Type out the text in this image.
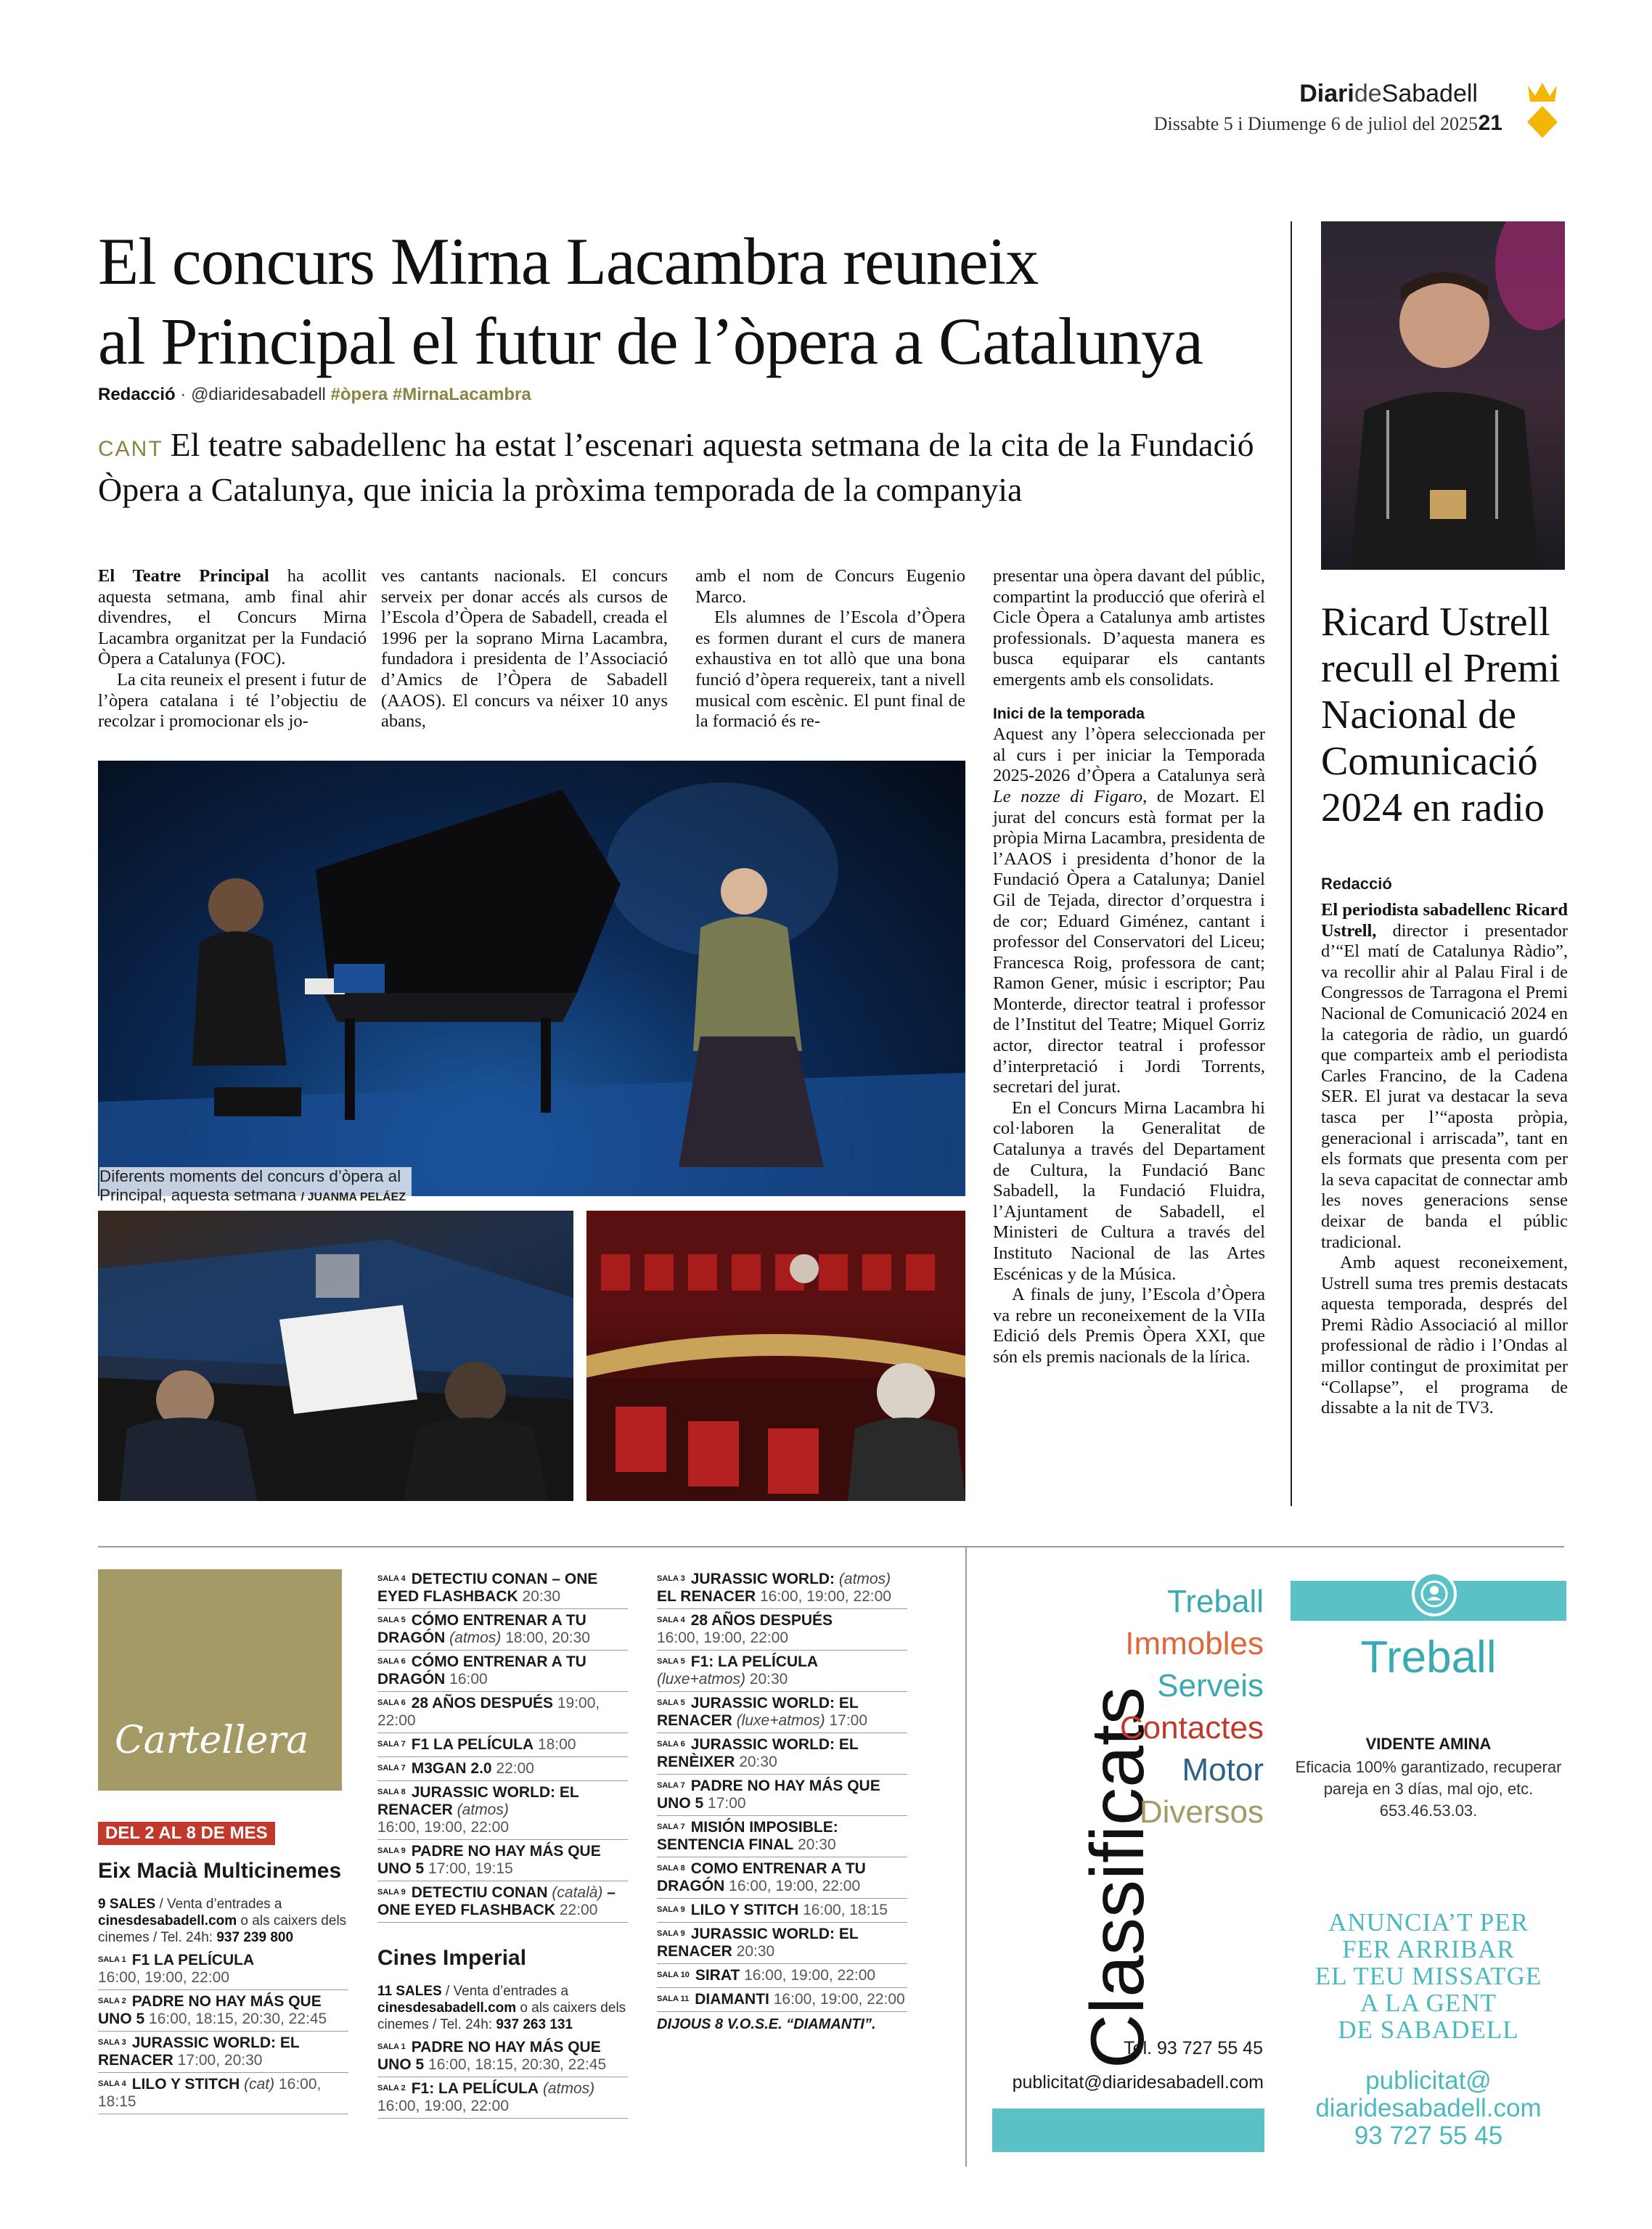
DiarideSabadell
Dissabte 5 i Diumenge 6 de juliol del 2025 21
El concurs Mirna Lacambra reuneix
al Principal el futur de l’òpera a Catalunya
Redacció · @diaridesabadell #òpera #MirnaLacambra
CANT El teatre sabadellenc ha estat l’escenari aquesta setmana de la cita de la Fundació Òpera a Catalunya, que inicia la pròxima temporada de la companyia

El Teatre Principal ha acollit aquesta setmana, amb final ahir divendres, el Concurs Mirna Lacambra organitzat per la Fundació Òpera a Catalunya (FOC).

La cita reuneix el present i futur de l’òpera catalana i té l’objectiu de recolzar i promocionar els jo-

ves cantants nacionals. El concurs serveix per donar accés als cursos de l’Escola d’Òpera de Sabadell, creada el 1996 per la soprano Mirna Lacambra, fundadora i presidenta de l’Associació d’Amics de l’Òpera de Sabadell (AAOS). El concurs va néixer 10 anys abans,

amb el nom de Concurs Eugenio Marco.

Els alumnes de l’Escola d’Òpera es formen durant el curs de manera exhaustiva en tot allò que una bona funció d’òpera requereix, tant a nivell musical com escènic. El punt final de la formació és re-

presentar una òpera davant del públic, compartint la producció que oferirà el Cicle Òpera a Catalunya amb artistes professionals. D’aquesta manera es busca equiparar els cantants emergents amb els consolidats.

Inici de la temporada

Aquest any l’òpera seleccionada per al curs i per iniciar la Temporada 2025-2026 d’Òpera a Catalunya serà Le nozze di Figaro, de Mozart. El jurat del concurs està format per la pròpia Mirna Lacambra, presidenta de l’AAOS i presidenta d’honor de la Fundació Òpera a Catalunya; Daniel Gil de Tejada, director d’orquestra i de cor; Eduard Giménez, cantant i professor del Conservatori del Liceu; Francesca Roig, professora de cant; Ramon Gener, músic i escriptor; Pau Monterde, director teatral i professor de l’Institut del Teatre; Miquel Gorriz actor, director teatral i professor d’interpretació i Jordi Torrents, secretari del jurat.

En el Concurs Mirna Lacambra hi col·laboren la Generalitat de Catalunya a través del Departament de Cultura, la Fundació Banc Sabadell, la Fundació Fluidra, l’Ajuntament de Sabadell, el Ministeri de Cultura a través del Instituto Nacional de las Artes Escénicas y de la Música.

A finals de juny, l’Escola d’Òpera va rebre un reconeixement de la VIIa Edició dels Premis Òpera XXI, que són els premis nacionals de la lírica.

Diferents moments del concurs d’òpera al Principal, aquesta setmana / JUANMA PELÁEZ
Ricard Ustrell recull el Premi Nacional de Comunicació 2024 en radio
Redacció

El periodista sabadellenc Ricard Ustrell, director i presentador d’“El matí de Catalunya Ràdio”, va recollir ahir al Palau Firal i de Congressos de Tarragona el Premi Nacional de Comunicació 2024 en la categoria de ràdio, un guardó que comparteix amb el periodista Carles Francino, de la Cadena SER. El jurat va destacar la seva tasca per l’“aposta pròpia, generacional i arriscada”, tant en els formats que presenta com per la seva capacitat de connectar amb les noves generacions sense deixar de banda el públic tradicional.

Amb aquest reconeixement, Ustrell suma tres premis destacats aquesta temporada, després del Premi Ràdio Associació al millor professional de ràdio i l’Ondas al millor contingut de proximitat per “Collapse”, el programa de dissabte a la nit de TV3.

Cartellera
DEL 2 AL 8 DE MES
Eix Macià Multicinemes
9 SALES / Venta d’entrades a cinesdesabadell.com o als caixers dels cinemes / Tel. 24h: 937 239 800
SALA 1 F1 LA PELÍCULA
16:00, 19:00, 22:00
SALA 2 PADRE NO HAY MÁS QUE UNO 5 16:00, 18:15, 20:30, 22:45
SALA 3 JURASSIC WORLD: EL RENACER 17:00, 20:30
SALA 4 LILO Y STITCH (cat) 16:00, 18:15
SALA 4 DETECTIU CONAN – ONE EYED FLASHBACK 20:30
SALA 5 CÓMO ENTRENAR A TU DRAGÓN (atmos) 18:00, 20:30
SALA 6 CÓMO ENTRENAR A TU DRAGÓN 16:00
SALA 6 28 AÑOS DESPUÉS 19:00, 22:00
SALA 7 F1 LA PELÍCULA 18:00
SALA 7 M3GAN 2.0 22:00
SALA 8 JURASSIC WORLD: EL RENACER (atmos)
16:00, 19:00, 22:00
SALA 9 PADRE NO HAY MÁS QUE UNO 5 17:00, 19:15
SALA 9 DETECTIU CONAN (català) – ONE EYED FLASHBACK 22:00
Cines Imperial
11 SALES / Venta d’entrades a cinesdesabadell.com o als caixers dels cinemes / Tel. 24h: 937 263 131
SALA 1 PADRE NO HAY MÁS QUE UNO 5 16:00, 18:15, 20:30, 22:45
SALA 2 F1: LA PELÍCULA (atmos)
16:00, 19:00, 22:00
SALA 3 JURASSIC WORLD: (atmos) EL RENACER 16:00, 19:00, 22:00
SALA 4 28 AÑOS DESPUÉS
16:00, 19:00, 22:00
SALA 5 F1: LA PELÍCULA (luxe+atmos) 20:30
SALA 5 JURASSIC WORLD: EL RENACER (luxe+atmos) 17:00
SALA 6 JURASSIC WORLD: EL RENÈIXER 20:30
SALA 7 PADRE NO HAY MÁS QUE UNO 5 17:00
SALA 7 MISIÓN IMPOSIBLE: SENTENCIA FINAL 20:30
SALA 8 COMO ENTRENAR A TU DRAGÓN 16:00, 19:00, 22:00
SALA 9 LILO Y STITCH 16:00, 18:15
SALA 9 JURASSIC WORLD: EL RENACER 20:30
SALA 10 SIRAT 16:00, 19:00, 22:00
SALA 11 DIAMANTI 16:00, 19:00, 22:00
DIJOUS 8 V.O.S.E. “DIAMANTI”.	Classificats
Treball
Immobles
Serveis
Contactes
Motor
Diversos
Tel. 93 727 55 45
publicitat@diaridesabadell.com
Treball
VIDENTE AMINA
Eficacia 100% garantizado, recuperar pareja en 3 días, mal ojo, etc. 653.46.53.03.
ANUNCIA’T PER
FER ARRIBAR
EL TEU MISSATGE
A LA GENT
DE SABADELL
publicitat@
diaridesabadell.com
93 727 55 45
